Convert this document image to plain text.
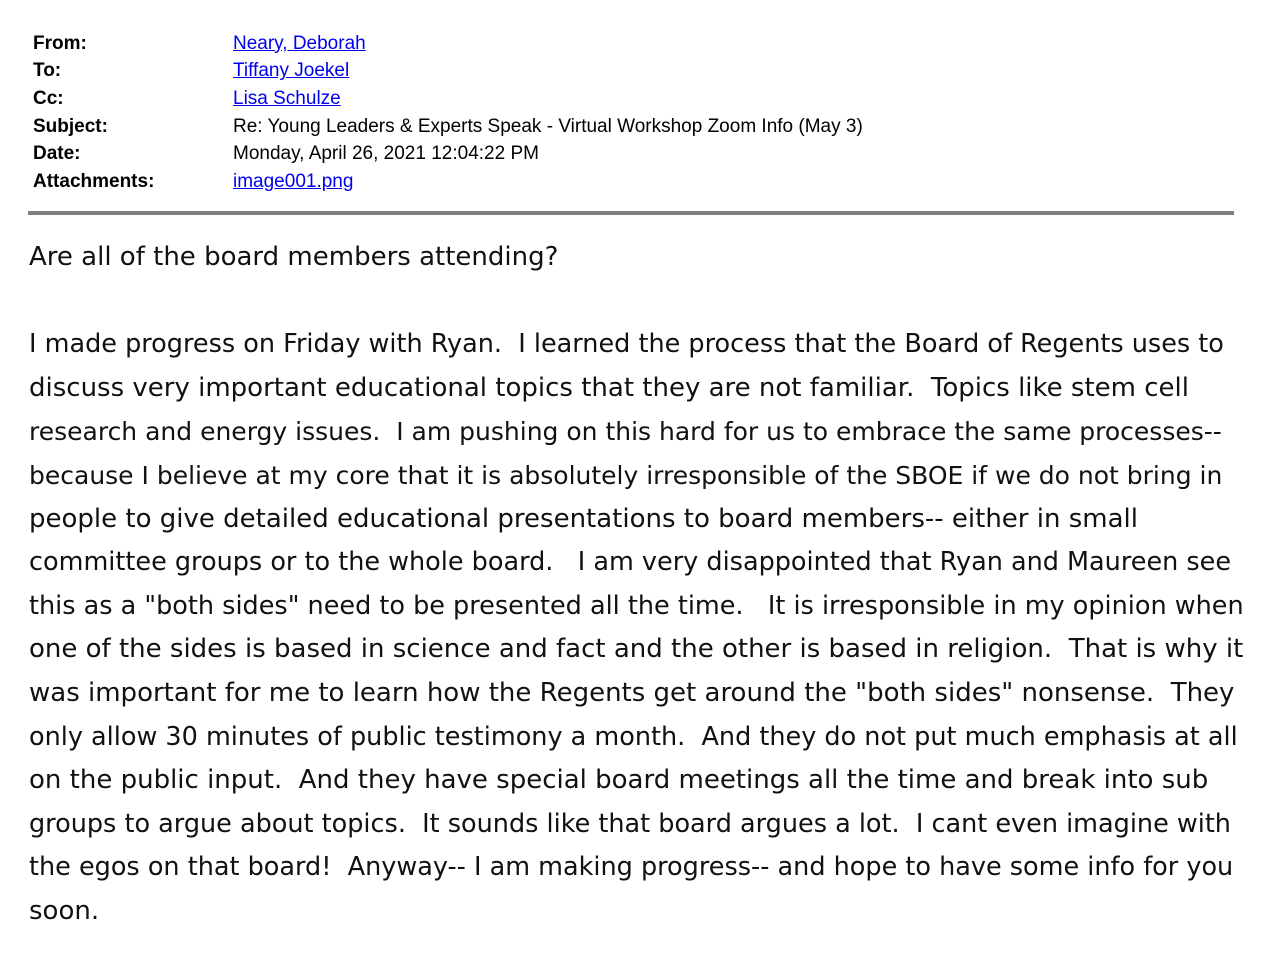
From:	Neary, Deborah
To:	Tiffany Joekel
Cc:	Lisa Schulze
Subject:	Re: Young Leaders & Experts Speak - Virtual Workshop Zoom Info (May 3)
Date:	Monday, April 26, 2021 12:04:22 PM
Attachments:	image001.png

Are all of the board members attending?

I made progress on Friday with Ryan.  I learned the process that the Board of Regents uses to
discuss very important educational topics that they are not familiar.  Topics like stem cell
research and energy issues.  I am pushing on this hard for us to embrace the same processes--
because I believe at my core that it is absolutely irresponsible of the SBOE if we do not bring in
people to give detailed educational presentations to board members-- either in small
committee groups or to the whole board.   I am very disappointed that Ryan and Maureen see
this as a "both sides" need to be presented all the time.   It is irresponsible in my opinion when
one of the sides is based in science and fact and the other is based in religion.  That is why it
was important for me to learn how the Regents get around the "both sides" nonsense.  They
only allow 30 minutes of public testimony a month.  And they do not put much emphasis at all
on the public input.  And they have special board meetings all the time and break into sub
groups to argue about topics.  It sounds like that board argues a lot.  I cant even imagine with
the egos on that board!  Anyway-- I am making progress-- and hope to have some info for you
soon.
